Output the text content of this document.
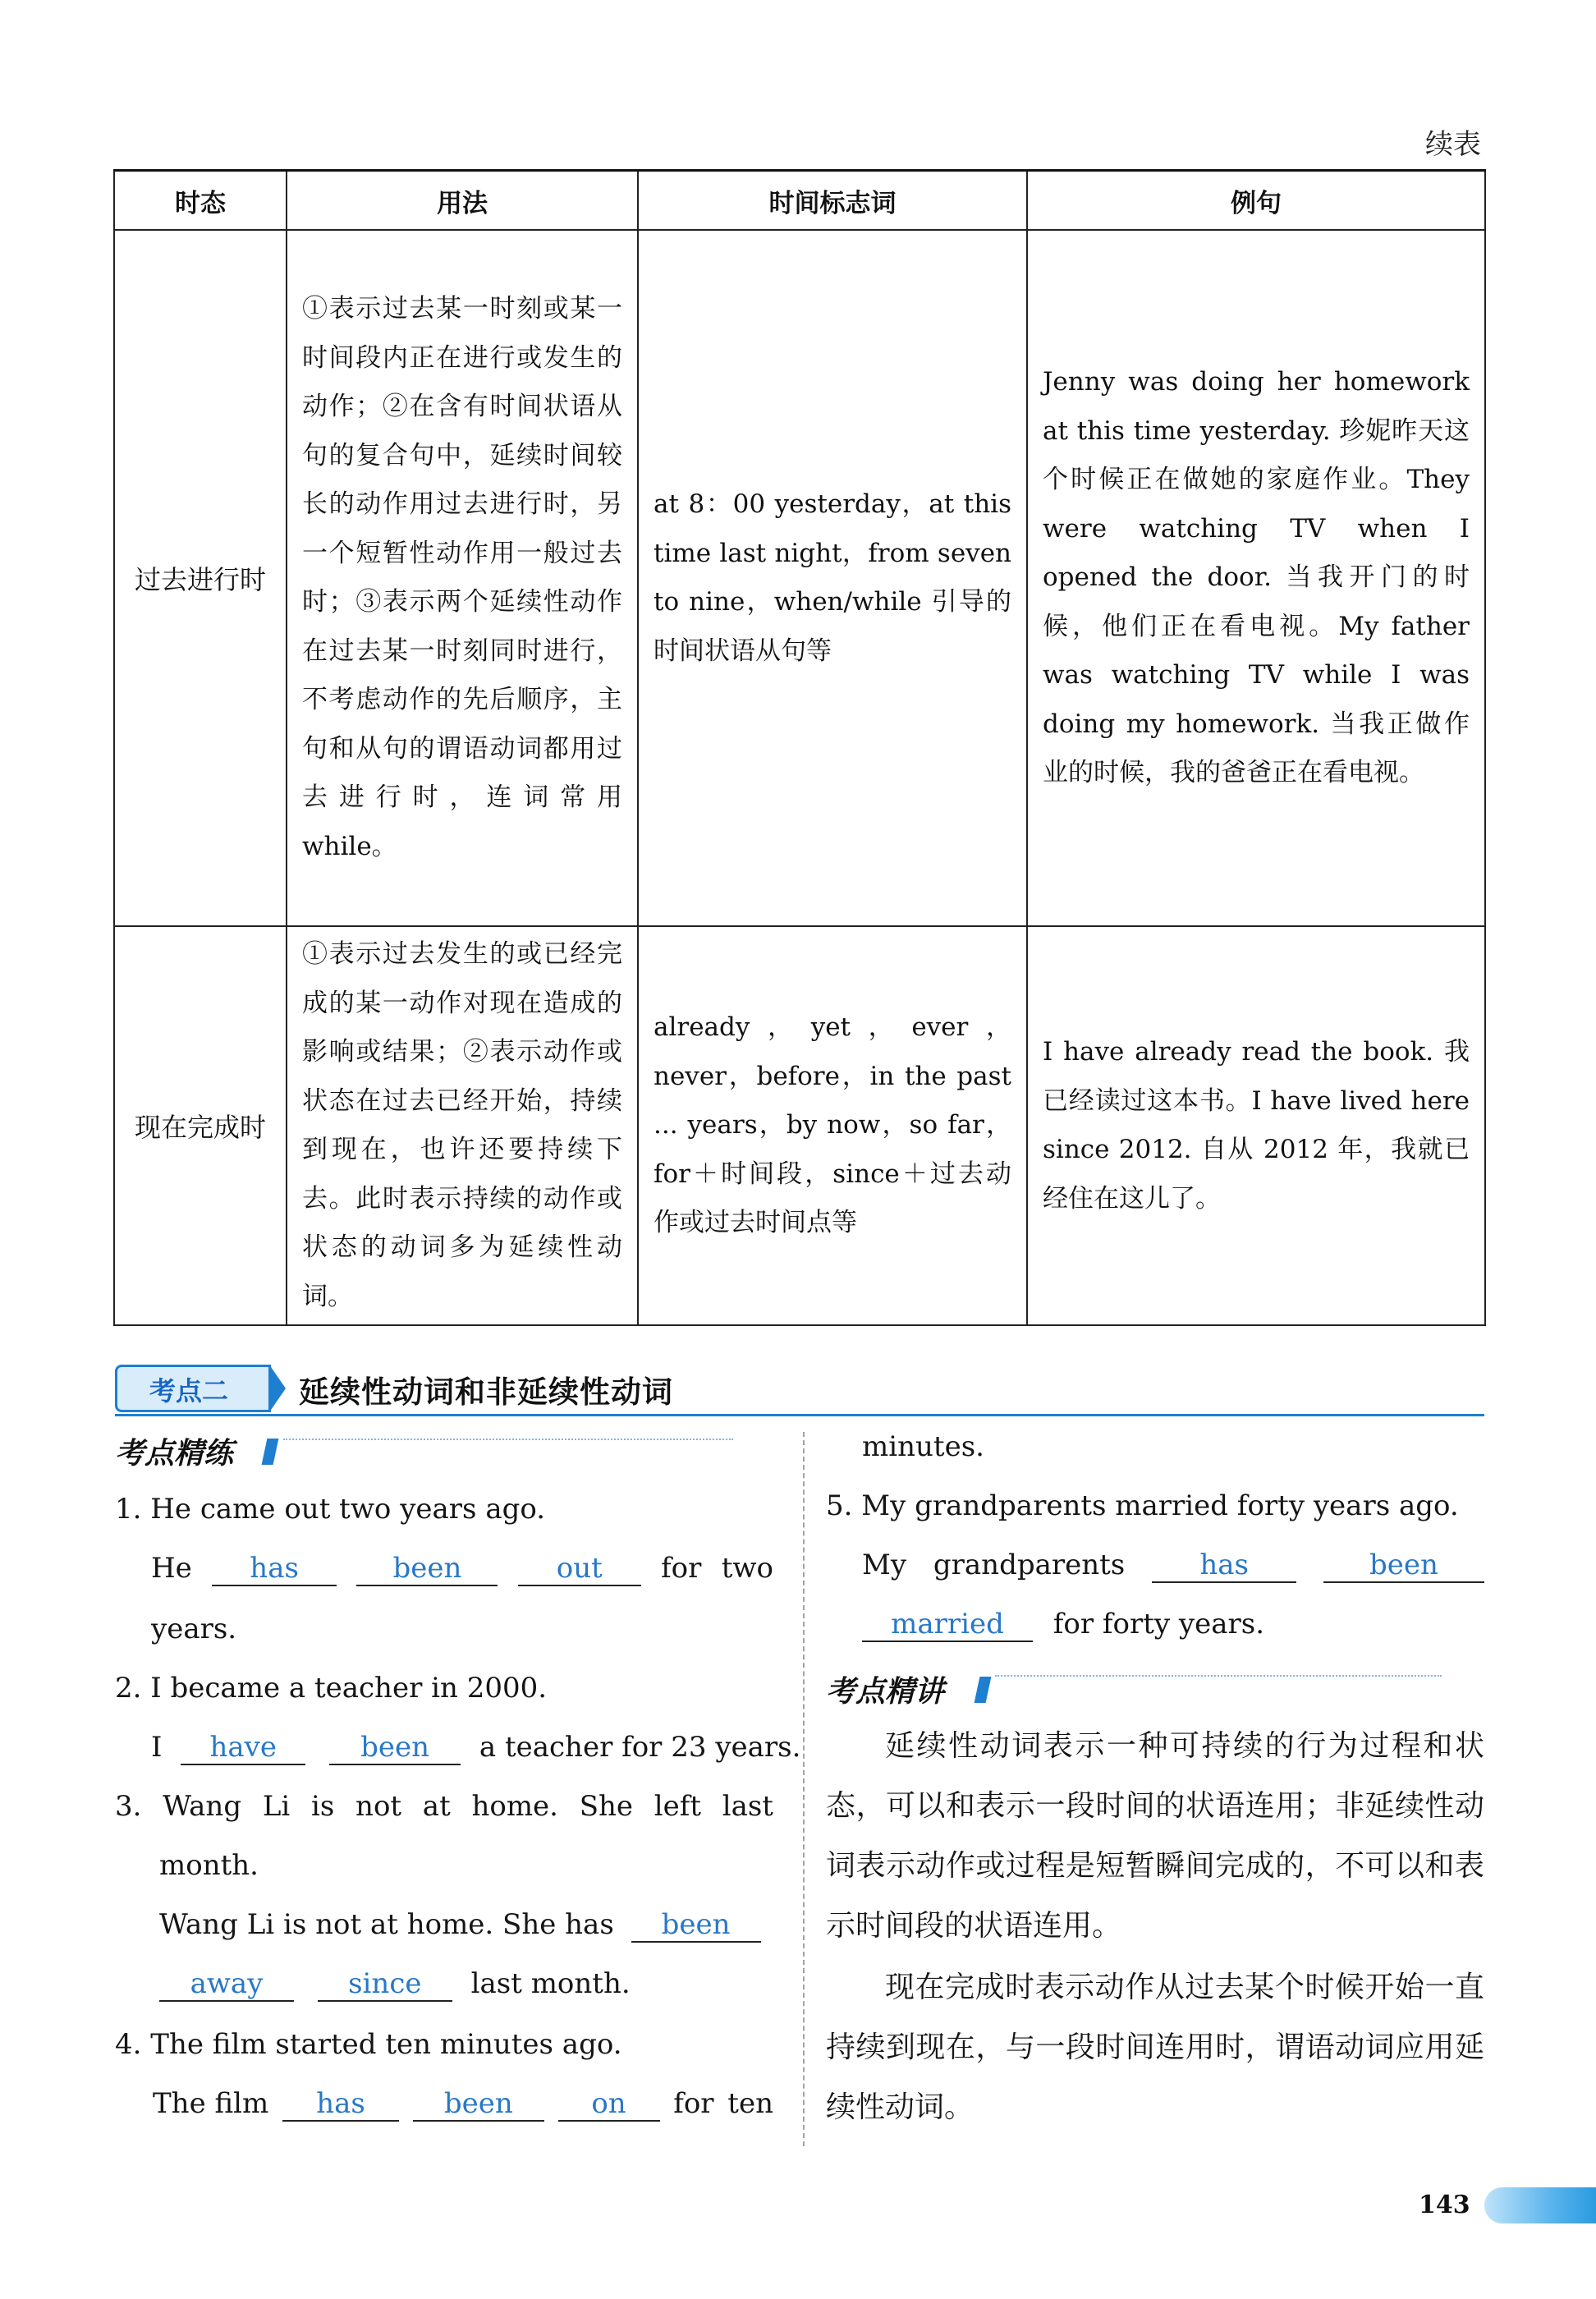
续表
时态	用法	时间标志词	例句
过去进行时	①表示过去某一时刻或某一时间段内正在进行或发生的动作；②在含有时间状语从句的复合句中，延续时间较长的动作用过去进行时，另一个短暂性动作用一般过去时；③表示两个延续性动作在过去某一时刻同时进行，不考虑动作的先后顺序，主句和从句的谓语动词都用过去进行时，连词常用 while。	at 8：00 yesterday，at this time last night，from seven to nine，when/while 引导的时间状语从句等	Jenny was doing her homework at this time yesterday. 珍妮昨天这个时候正在做她的家庭作业。They were watching TV when I opened the door. 当我开门的时候，他们正在看电视。My father was watching TV while I was doing my homework. 当我正做作业的时候，我的爸爸正在看电视。
现在完成时	①表示过去发生的或已经完成的某一动作对现在造成的影响或结果；②表示动作或状态在过去已经开始，持续到现在，也许还要持续下去。此时表示持续的动作或状态的动词多为延续性动词。	already，yet，ever，never，before，in the past ... years，by now，so far，for＋时间段，since＋过去动作或过去时间点等	I have already read the book. 我已经读过这本书。I have lived here since 2012. 自从 2012 年，我就已经住在这儿了。
考点二	延续性动词和非延续性动词
考点精练
1. He came out two years ago.
He	has	been	out	for two
years.
2. I became a teacher in 2000.
I have	been a teacher for 23 years.
3. Wang Li is not at home. She left last
month.
Wang Li is not at home. She has been
away	since last month.
4. The film started ten minutes ago.
The film	has	been	on	for ten
minutes.
5. My grandparents married forty years ago.
My grandparents	has	been
married for forty years.
考点精讲
延续性动词表示一种可持续的行为过程和状态，可以和表示一段时间的状语连用；非延续性动词表示动作或过程是短暂瞬间完成的，不可以和表示时间段的状语连用。
现在完成时表示动作从过去某个时候开始一直持续到现在，与一段时间连用时，谓语动词应用延续性动词。
143
